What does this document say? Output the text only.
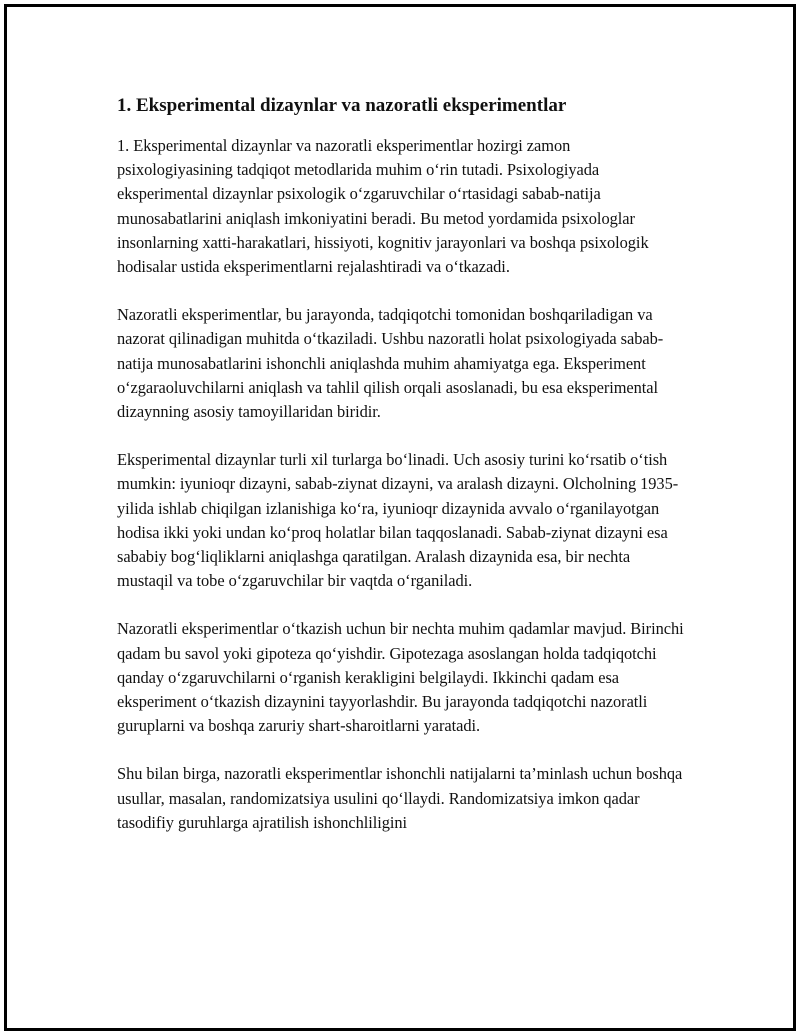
1. Eksperimental dizaynlar va nazoratli eksperimentlar

1. Eksperimental dizaynlar va nazoratli eksperimentlar hozirgi zamon psixologiyasining tadqiqot metodlarida muhim o‘rin tutadi. Psixologiyada eksperimental dizaynlar psixologik o‘zgaruvchilar o‘rtasidagi sabab-natija munosabatlarini aniqlash imkoniyatini beradi. Bu metod yordamida psixologlar insonlarning xatti-harakatlari, hissiyoti, kognitiv jarayonlari va boshqa psixologik hodisalar ustida eksperimentlarni rejalashtiradi va o‘tkazadi.

Nazoratli eksperimentlar, bu jarayonda, tadqiqotchi tomonidan boshqariladigan va nazorat qilinadigan muhitda o‘tkaziladi. Ushbu nazoratli holat psixologiyada sabab-natija munosabatlarini ishonchli aniqlashda muhim ahamiyatga ega. Eksperiment o‘zgaraoluvchilarni aniqlash va tahlil qilish orqali asoslanadi, bu esa eksperimental dizaynning asosiy tamoyillaridan biridir.

Eksperimental dizaynlar turli xil turlarga bo‘linadi. Uch asosiy turini ko‘rsatib o‘tish mumkin: iyunioqr dizayni, sabab-ziynat dizayni, va aralash dizayni. Olcholning 1935-yilida ishlab chiqilgan izlanishiga ko‘ra, iyunioqr dizaynida avvalo o‘rganilayotgan hodisa ikki yoki undan ko‘proq holatlar bilan taqqoslanadi. Sabab-ziynat dizayni esa sababiy bog‘liqliklarni aniqlashga qaratilgan. Aralash dizaynida esa, bir nechta mustaqil va tobe o‘zgaruvchilar bir vaqtda o‘rganiladi.

Nazoratli eksperimentlar o‘tkazish uchun bir nechta muhim qadamlar mavjud. Birinchi qadam bu savol yoki gipoteza qo‘yishdir. Gipotezaga asoslangan holda tadqiqotchi qanday o‘zgaruvchilarni o‘rganish kerakligini belgilaydi. Ikkinchi qadam esa eksperiment o‘tkazish dizaynini tayyorlashdir. Bu jarayonda tadqiqotchi nazoratli guruplarni va boshqa zaruriy shart-sharoitlarni yaratadi.

Shu bilan birga, nazoratli eksperimentlar ishonchli natijalarni ta’minlash uchun boshqa usullar, masalan, randomizatsiya usulini qo‘llaydi. Randomizatsiya imkon qadar tasodifiy guruhlarga ajratilish ishonchliligini
